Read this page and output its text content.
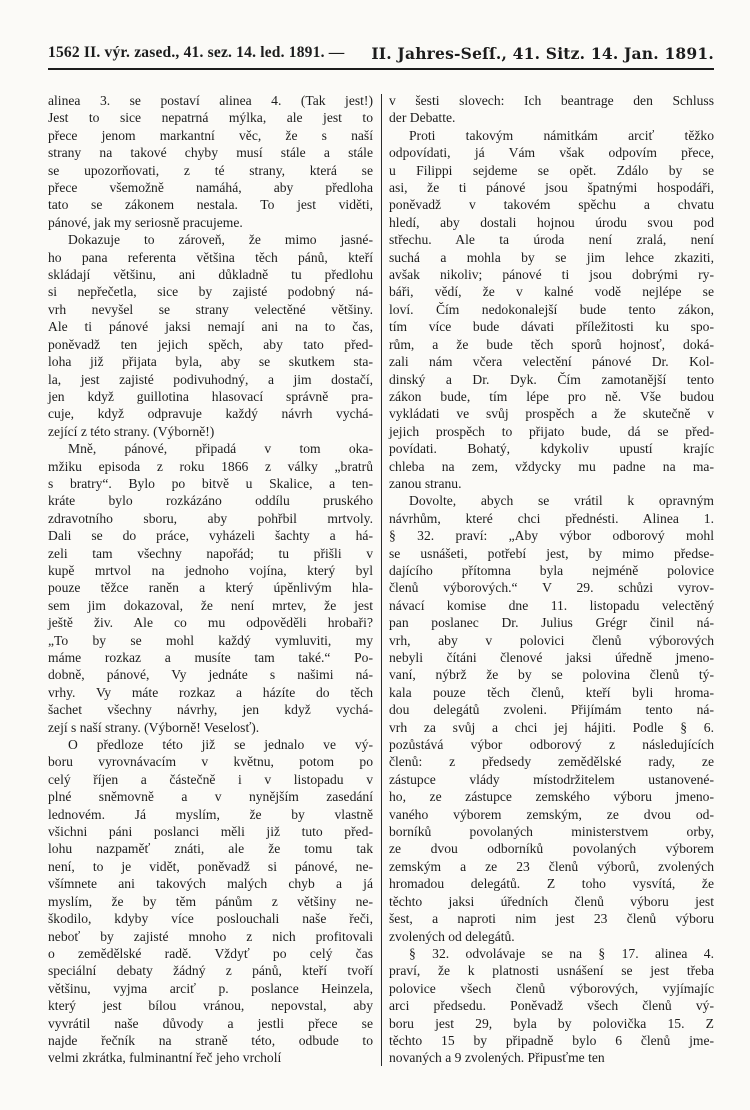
1562 II. výr. zased., 41. sez. 14. led. 1891. — II. Jahres-Seſſ., 41. Sitz. 14. Jan. 1891.
alinea 3. se postaví alinea 4. (Tak jest!)
Jest to sice nepatrná mýlka, ale jest to
přece jenom markantní věc, že s naší
strany na takové chyby musí stále a stále
se upozorňovati, z té strany, která se
přece všemožně namáhá, aby předloha
tato se zákonem nestala. To jest viděti,
pánové, jak my seriosně pracujeme.
Dokazuje to zároveň, že mimo jasné-
ho pana referenta většina těch pánů, kteří
skládají většinu, ani důkladně tu předlohu
si nepřečetla, sice by zajisté podobný ná-
vrh nevyšel se strany velectěné většiny.
Ale ti pánové jaksi nemají ani na to čas,
poněvadž ten jejich spěch, aby tato před-
loha již přijata byla, aby se skutkem sta-
la, jest zajisté podivuhodný, a jim dostačí,
jen když guillotina hlasovací správně pra-
cuje, když odpravuje každý návrh vychá-
zející z této strany. (Výborně!)
Mně, pánové, připadá v tom oka-
mžiku episoda z roku 1866 z války „bratrů
s bratry“. Bylo po bitvě u Skalice, a ten-
kráte bylo rozkázáno oddílu pruského
zdravotního sboru, aby pohřbil mrtvoly.
Dali se do práce, vyházeli šachty a há-
zeli tam všechny napořád; tu přišli v
kupě mrtvol na jednoho vojína, který byl
pouze těžce raněn a který úpěnlivým hla-
sem jim dokazoval, že není mrtev, že jest
ještě živ. Ale co mu odpověděli hrobaři?
„To by se mohl každý vymluviti, my
máme rozkaz a musíte tam také.“ Po-
dobně, pánové, Vy jednáte s našimi ná-
vrhy. Vy máte rozkaz a házíte do těch
šachet všechny návrhy, jen když vychá-
zejí s naší strany. (Výborně! Veselosť).
O předloze této již se jednalo ve vý-
boru vyrovnávacím v květnu, potom po
celý říjen a částečně i v listopadu v
plné sněmovně a v nynějším zasedání
lednovém. Já myslím, že by vlastně
všichni páni poslanci měli již tuto před-
lohu nazpaměť znáti, ale že tomu tak
není, to je vidět, poněvadž si pánové, ne-
všímnete ani takových malých chyb a já
myslím, že by těm pánům z většiny ne-
škodilo, kdyby více poslouchali naše řeči,
neboť by zajisté mnoho z nich profitovali
o zemědělské radě. Vždyť po celý čas
speciální debaty žádný z pánů, kteří tvoří
většinu, vyjma arciť p. poslance Heinzela,
který jest bílou vránou, nepovstal, aby
vyvrátil naše důvody a jestli přece se
najde řečník na straně této, odbude to
velmi zkrátka, fulminantní řeč jeho vrcholí
v šesti slovech: Ich beantrage den Schluss
der Debatte.
Proti takovým námitkám arciť těžko
odpovídati, já Vám však odpovím přece,
u Filippi sejdeme se opět. Zdálo by se
asi, že ti pánové jsou špatnými hospodáři,
poněvadž v takovém spěchu a chvatu
hledí, aby dostali hojnou úrodu svou pod
střechu. Ale ta úroda není zralá, není
suchá a mohla by se jim lehce zkaziti,
avšak nikoliv; pánové ti jsou dobrými ry-
báři, vědí, že v kalné vodě nejlépe se
loví. Čím nedokonalejší bude tento zákon,
tím více bude dávati příležitosti ku spo-
rům, a že bude těch sporů hojnosť, doká-
zali nám včera velectění pánové Dr. Kol-
dinský a Dr. Dyk. Čím zamotanější tento
zákon bude, tím lépe pro ně. Vše budou
vykládati ve svůj prospěch a že skutečně v
jejich prospěch to přijato bude, dá se před-
povídati. Bohatý, kdykoliv upustí krajíc
chleba na zem, vždycky mu padne na ma-
zanou stranu.
Dovolte, abych se vrátil k opravným
návrhům, které chci přednésti. Alinea 1.
§ 32. praví: „Aby výbor odborový mohl
se usnášeti, potřebí jest, by mimo předse-
dajícího přítomna byla nejméně polovice
členů výborových.“ V 29. schůzi vyrov-
návací komise dne 11. listopadu velectěný
pan poslanec Dr. Julius Grégr činil ná-
vrh, aby v polovici členů výborových
nebyli čítáni členové jaksi úředně jmeno-
vaní, nýbrž že by se polovina členů tý-
kala pouze těch členů, kteří byli hroma-
dou delegátů zvoleni. Přijímám tento ná-
vrh za svůj a chci jej hájiti. Podle § 6.
pozůstává výbor odborový z následujících
členů: z předsedy zemědělské rady, ze
zástupce vlády místodržitelem ustanovené-
ho, ze zástupce zemského výboru jmeno-
vaného výborem zemským, ze dvou od-
borníků povolaných ministerstvem orby,
ze dvou odborníků povolaných výborem
zemským a ze 23 členů výborů, zvolených
hromadou delegátů. Z toho vysvítá, že
těchto jaksi úředních členů výboru jest
šest, a naproti nim jest 23 členů výboru
zvolených od delegátů.
§ 32. odvolávaje se na § 17. alinea 4.
praví, že k platnosti usnášení se jest třeba
polovice všech členů výborových, vyjímajíc
arci předsedu. Poněvadž všech členů vý-
boru jest 29, byla by polovička 15. Z
těchto 15 by připadně bylo 6 členů jme-
novaných a 9 zvolených. Připusťme ten
